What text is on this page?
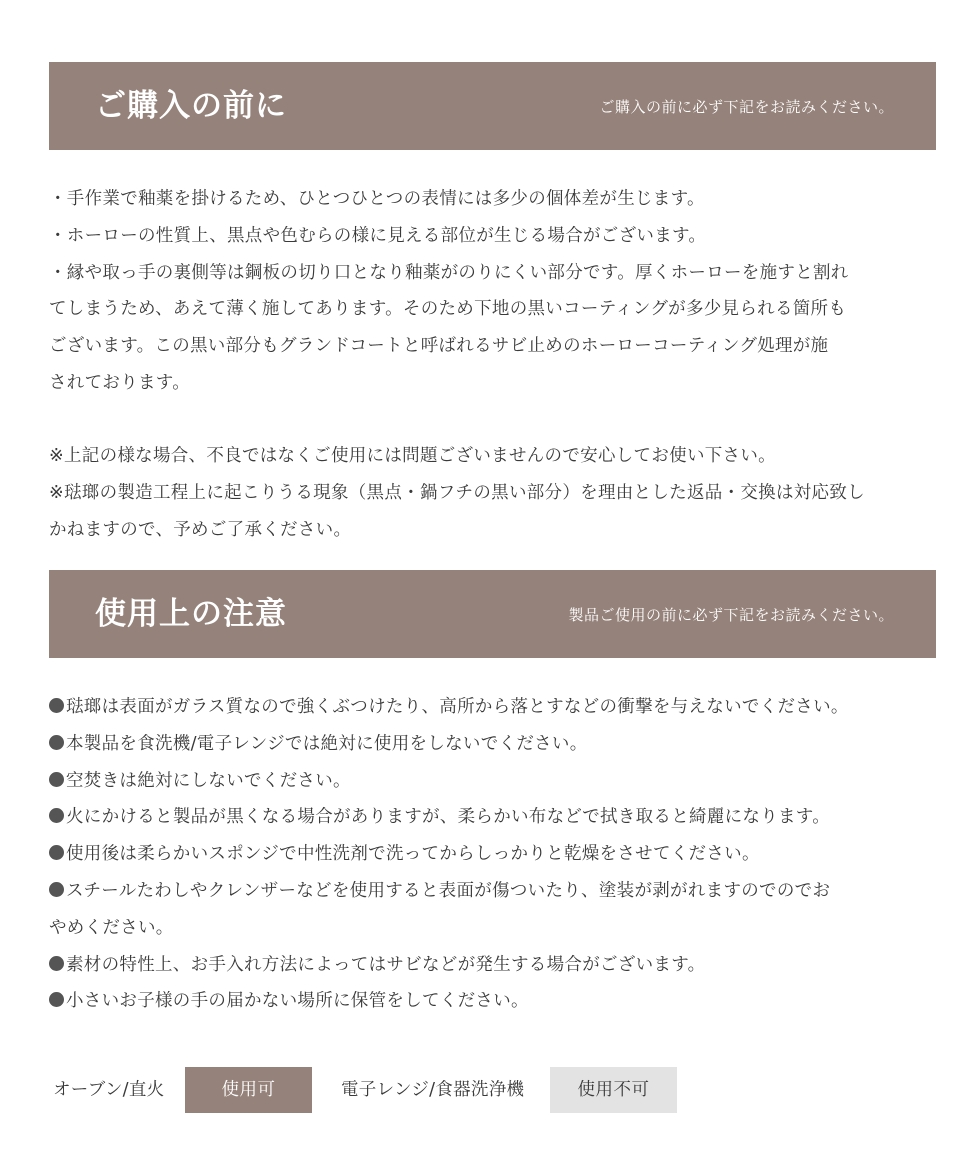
ご購入の前に	ご購入の前に必ず下記をお読みください。
・手作業で釉薬を掛けるため、ひとつひとつの表情には多少の個体差が生じます。
・ホーローの性質上、黒点や色むらの様に見える部位が生じる場合がございます。
・縁や取っ手の裏側等は鋼板の切り口となり釉薬がのりにくい部分です。厚くホーローを施すと割れ
てしまうため、あえて薄く施してあります。そのため下地の黒いコーティングが多少見られる箇所も
ございます。この黒い部分もグランドコートと呼ばれるサビ止めのホーローコーティング処理が施
されております。
※上記の様な場合、不良ではなくご使用には問題ございませんので安心してお使い下さい。
※琺瑯の製造工程上に起こりうる現象（黒点・鍋フチの黒い部分）を理由とした返品・交換は対応致し
かねますので、予めご了承ください。
使用上の注意	製品ご使用の前に必ず下記をお読みください。
琺瑯は表面がガラス質なので強くぶつけたり、高所から落とすなどの衝撃を与えないでください。
本製品を食洗機/電子レンジでは絶対に使用をしないでください。
空焚きは絶対にしないでください。
火にかけると製品が黒くなる場合がありますが、柔らかい布などで拭き取ると綺麗になります。
使用後は柔らかいスポンジで中性洗剤で洗ってからしっかりと乾燥をさせてください。
スチールたわしやクレンザーなどを使用すると表面が傷ついたり、塗装が剥がれますのでのでお
やめください。
素材の特性上、お手入れ方法によってはサビなどが発生する場合がございます。
小さいお子様の手の届かない場所に保管をしてください。
オーブン/直火	使用可	電子レンジ/食器洗浄機	使用不可
